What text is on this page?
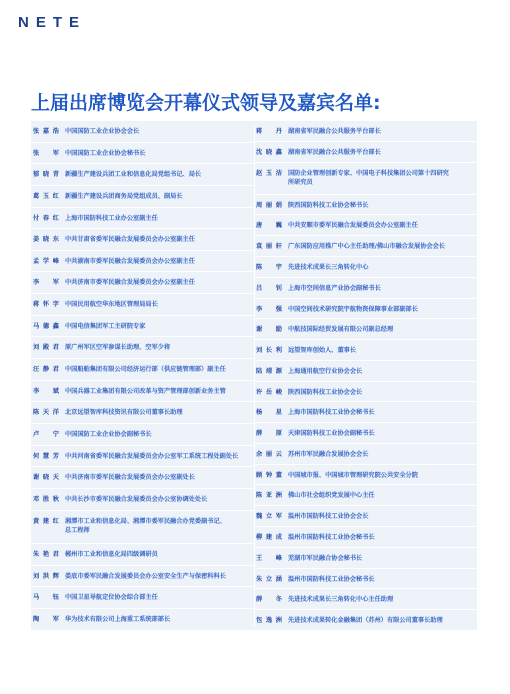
NETE
上届出席博览会开幕仪式领导及嘉宾名单:
张嘉浩 中国国防工业企业协会会长
张　军 中国国防工业企业协会秘书长
郁晓青 新疆生产建设兵团工业和信息化局党组书记、局长
葛玉红 新疆生产建设兵团商务局党组成员、副局长
付春红 上海市国防科技工业办公室副主任
姜晓东 中共甘肃省委军民融合发展委员会办公室副主任
孟学峰 中共湖南市委军民融合发展委员会办公室副主任
李　军 中共济南市委军民融合发展委员会办公室副主任
蒋怀字 中国民用航空华东地区管理局局长
马德鑫 中国电信集团军工主研院专家
刘殿君 原广州军区空军参谋长助理、空军少将
汪静君 中国船舶集团有限公司经济运行部（供应链管理部）副主任
李　斌 中国兵器工业集团有限公司改革与资产管理部创新业务主管
陈天洋 北京远望智库科技资讯有限公司董事长助理
卢　宁 中国国防工业企业协会副秘书长
何慧芳 中共河南省委军民融合发展委员会办公室军工系统工程处副处长
谢晓天 中共济南市委军民融合发展委员会办公室副处长
邓胜秋 中共长沙市委军民融合发展委员会办公室协调处处长
黄建红 湘潭市工业和信息化局、湘潭市委军民融合办党委副书记、
总工程师
朱艳君 郴州市工业和信息化局四级调研员
刘洪辉 娄底市委军民融合发展委员会办公室安全生产与保密科科长
马　钰 中国卫星导航定位协会综合部主任
陶　军 华为技术有限公司上海重工系统部部长
蒋　丹 湖南省军民融合公共服务平台部长
沈晓鑫 湖南省军民融合公共服务平台部长
赵玉洁 国防企业管理创新专家、中国电子科技集团公司第十四研究
所研究员
周丽娟 陕西国防科技工业协会秘书长
唐　巍 中共安顺市委军民融合发展委员会办公室副主任
袁丽轩 广东国防应用推广中心主任助理/佛山市融合发展协会会长
陈　宇 先进技术成果长三角转化中心
吕　钊 上海市空间信息产业协会副秘书长
李　强 中国空间技术研究院宇航物资保障事业部副部长
谢　励 中航技国际经贸发展有限公司副总经理
刘长利 远望智库创始人、董事长
陆靖源 上海通用航空行业协会会长
许岳峻 陕西国防科技工业协会会长
杨　星 上海市国防科技工业协会秘书长
薛　原 天津国防科技工业协会副秘书长
余丽云 苏州市军民融合发展协会会长
顾钟董 中国城市报、中国城市管理研究院公共安全分院
陈亚洲 佛山市社会组织党发展中心主任
魏立军 温州市国防科技工业协会会长
柳建成 温州市国防科技工业协会秘书长
王　峰 芜湖市军民融合协会秘书长
朱立涵 温州市国防科技工业协会秘书长
薛　冬 先进技术成果长三角转化中心主任助理
包逸洲 先进技术成果转化金融集团（苏州）有限公司董事长助理
